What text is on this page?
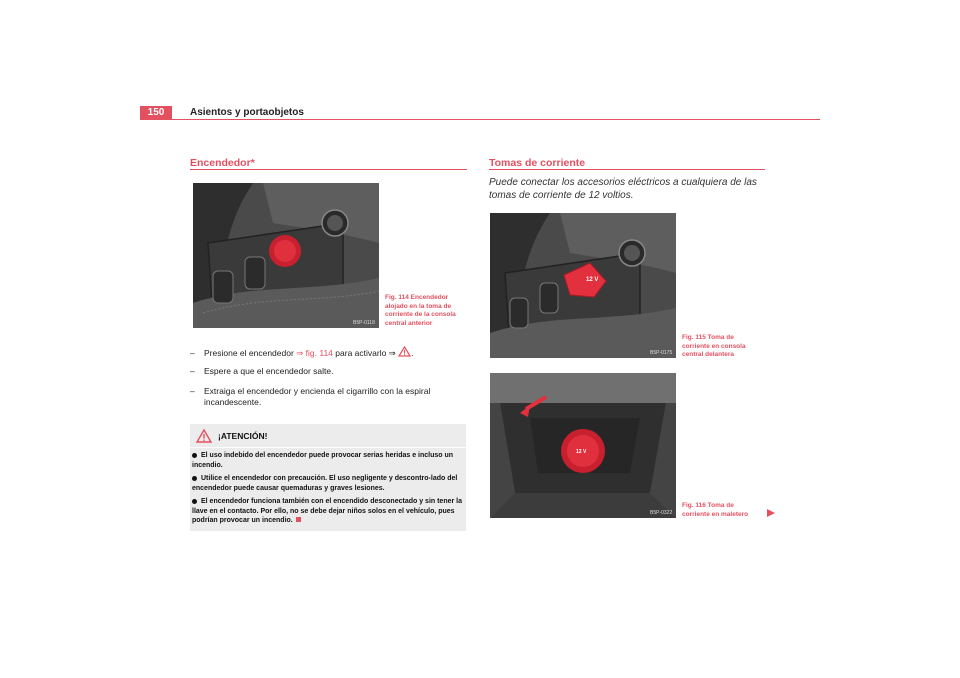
150	Asientos y portaobjetos
Encendedor*
B5P-0118
Fig. 114 Encendedor alojado en la toma de corriente de la consola central anterior
– Presione el encendedor ⇒ fig. 114 para activarlo ⇒ .
– Espere a que el encendedor salte.
–	Extraiga el encendedor y encienda el cigarrillo con la espiral incandescente.
¡ATENCIÓN!
El uso indebido del encendedor puede provocar serias heridas e incluso un incendio.
Utilice el encendedor con precaución. El uso negligente y descontro-lado del encendedor puede causar quemaduras y graves lesiones.
El encendedor funciona también con el encendido desconectado y sin tener la llave en el contacto. Por ello, no se debe dejar niños solos en el vehículo, pues podrían provocar un incendio.
Tomas de corriente
Puede conectar los accesorios eléctricos a cualquiera de las tomas de corriente de 12 voltios.
12 V
B5P-0175
Fig. 115 Toma de corriente en consola central delantera
12 V
B5P-0322
Fig. 116 Toma de corriente en maletero
